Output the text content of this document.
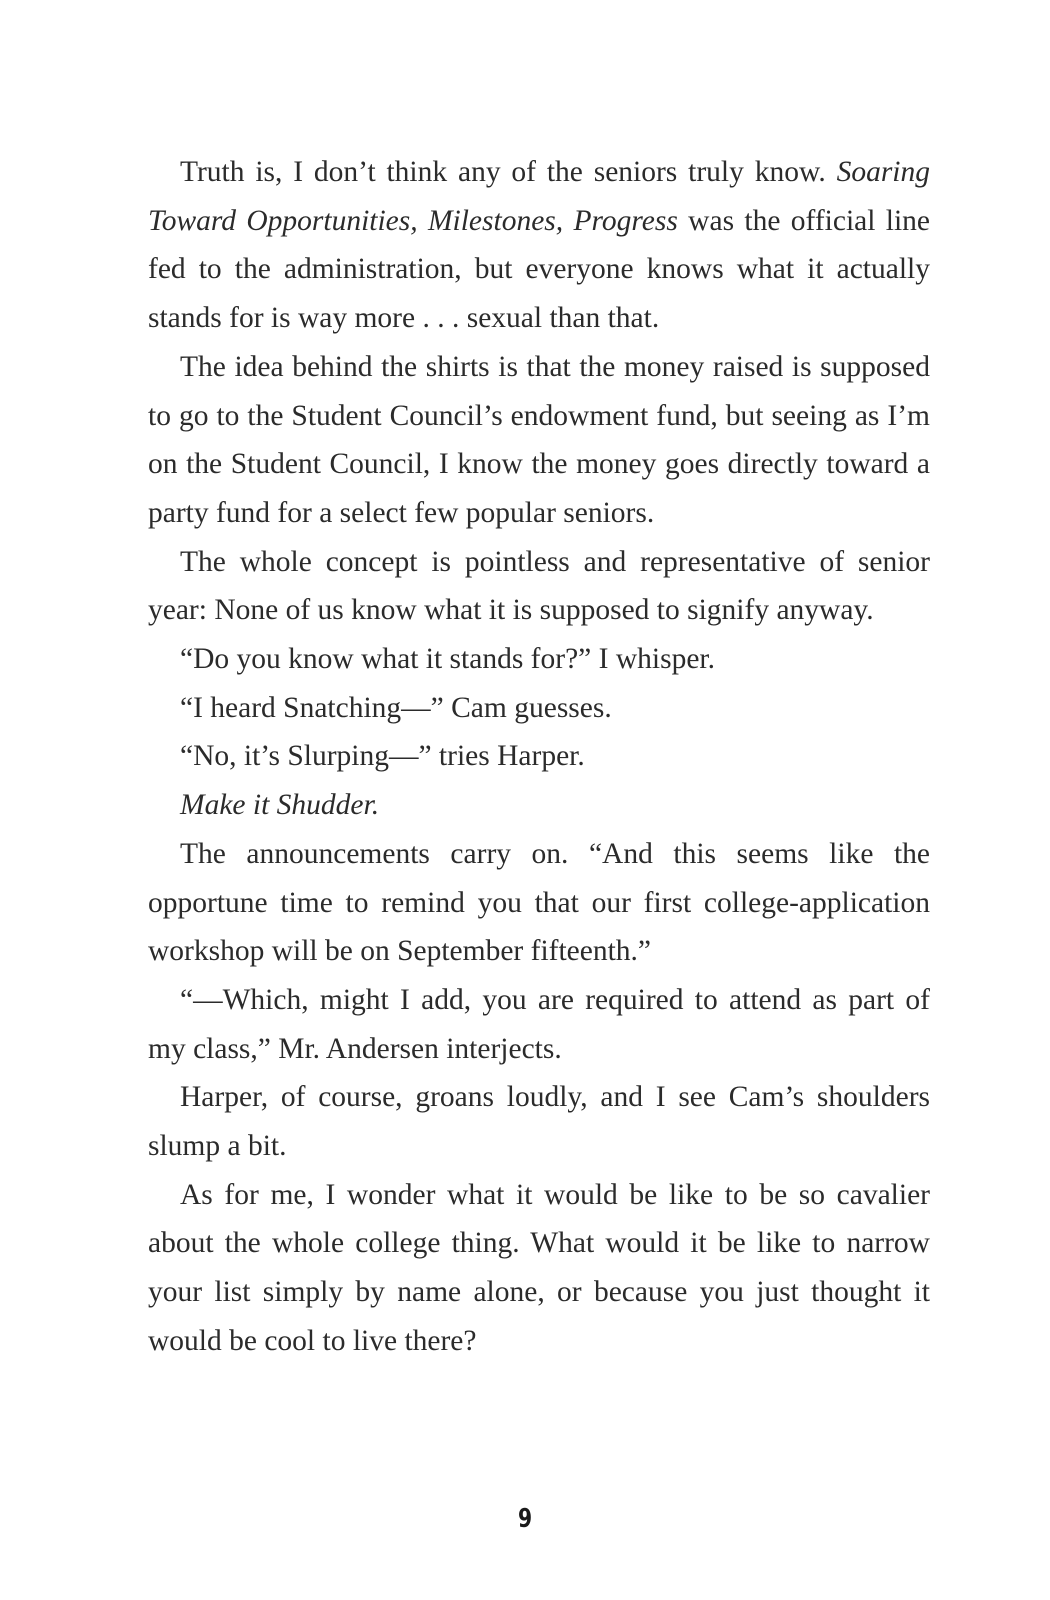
Truth is, I don’t think any of the seniors truly know. Soaring Toward Opportunities, Milestones, Progress was the official line fed to the administration, but everyone knows what it actually stands for is way more . . . sexual than that.

The idea behind the shirts is that the money raised is supposed to go to the Student Council’s endowment fund, but seeing as I’m on the Student Council, I know the money goes directly toward a party fund for a select few popular seniors.

The whole concept is pointless and representative of senior year: None of us know what it is supposed to signify anyway.

“Do you know what it stands for?” I whisper.

“I heard Snatching—” Cam guesses.

“No, it’s Slurping—” tries Harper.

Make it Shudder.

The announcements carry on. “And this seems like the opportune time to remind you that our first college-application workshop will be on September fifteenth.”

“—Which, might I add, you are required to attend as part of my class,” Mr. Andersen interjects.

Harper, of course, groans loudly, and I see Cam’s shoulders slump a bit.

As for me, I wonder what it would be like to be so cavalier about the whole college thing. What would it be like to narrow your list simply by name alone, or because you just thought it would be cool to live there?

9
